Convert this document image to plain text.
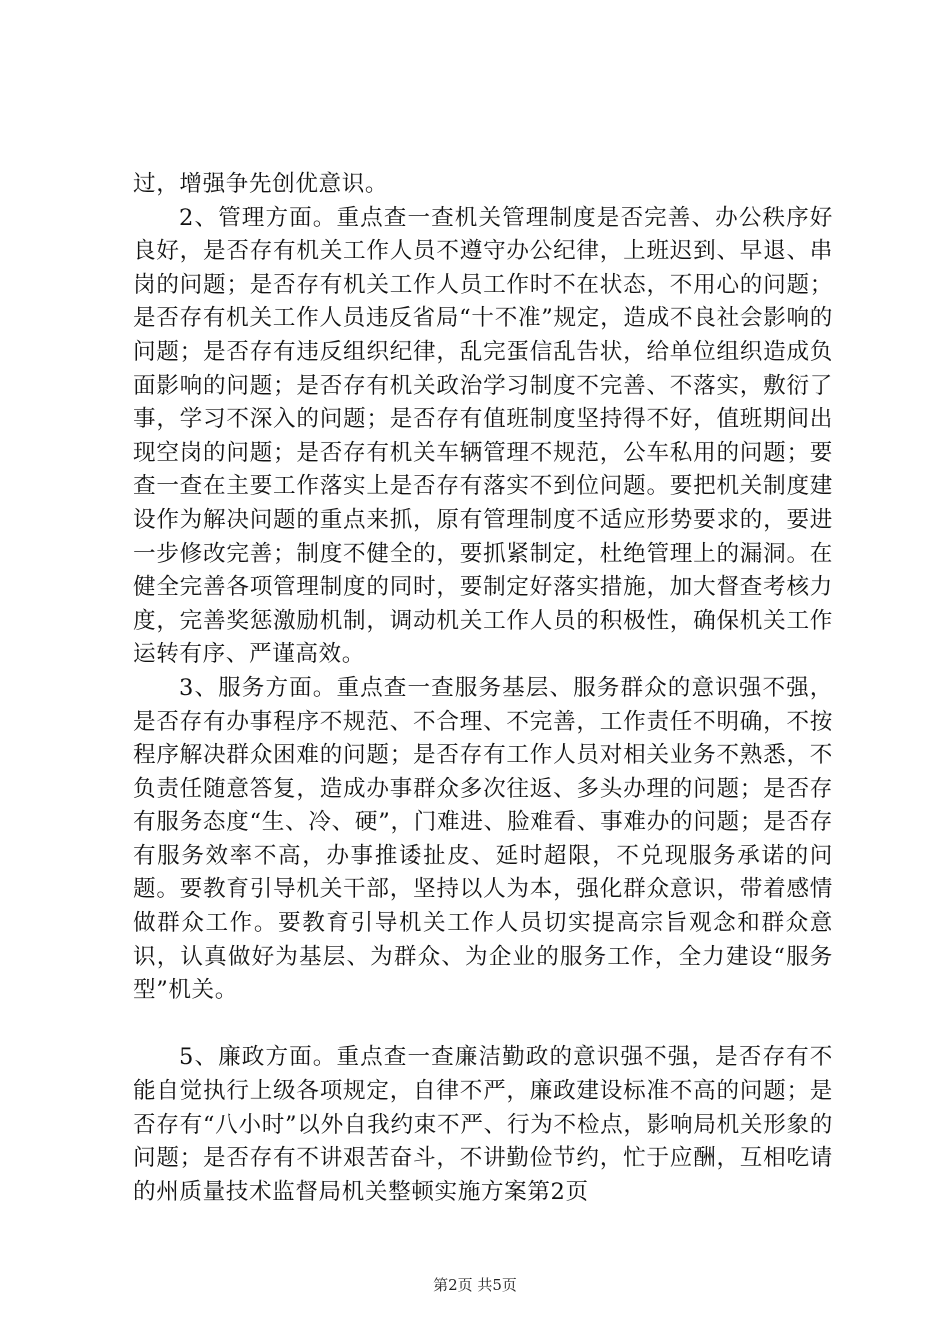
过，增强争先创优意识。

2、管理方面。重点查一查机关管理制度是否完善、办公秩序好良好，是否存有机关工作人员不遵守办公纪律，上班迟到、早退、串岗的问题；是否存有机关工作人员工作时不在状态，不用心的问题；是否存有机关工作人员违反省局“十不准”规定，造成不良社会影响的问题；是否存有违反组织纪律，乱完蛋信乱告状，给单位组织造成负面影响的问题；是否存有机关政治学习制度不完善、不落实，敷衍了事，学习不深入的问题；是否存有值班制度坚持得不好，值班期间出现空岗的问题；是否存有机关车辆管理不规范，公车私用的问题；要查一查在主要工作落实上是否存有落实不到位问题。要把机关制度建设作为解决问题的重点来抓，原有管理制度不适应形势要求的，要进一步修改完善；制度不健全的，要抓紧制定，杜绝管理上的漏洞。在健全完善各项管理制度的同时，要制定好落实措施，加大督查考核力度，完善奖惩激励机制，调动机关工作人员的积极性，确保机关工作运转有序、严谨高效。

3、服务方面。重点查一查服务基层、服务群众的意识强不强，是否存有办事程序不规范、不合理、不完善，工作责任不明确，不按程序解决群众困难的问题；是否存有工作人员对相关业务不熟悉，不负责任随意答复，造成办事群众多次往返、多头办理的问题；是否存有服务态度“生、冷、硬”，门难进、脸难看、事难办的问题；是否存有服务效率不高，办事推诿扯皮、延时超限，不兑现服务承诺的问题。要教育引导机关干部，坚持以人为本，强化群众意识，带着感情做群众工作。要教育引导机关工作人员切实提高宗旨观念和群众意识，认真做好为基层、为群众、为企业的服务工作，全力建设“服务型”机关。

5、廉政方面。重点查一查廉洁勤政的意识强不强，是否存有不能自觉执行上级各项规定，自律不严，廉政建设标准不高的问题；是否存有“八小时”以外自我约束不严、行为不检点，影响局机关形象的问题；是否存有不讲艰苦奋斗，不讲勤俭节约，忙于应酬，互相吃请的州质量技术监督局机关整顿实施方案第2页

第2页 共5页
